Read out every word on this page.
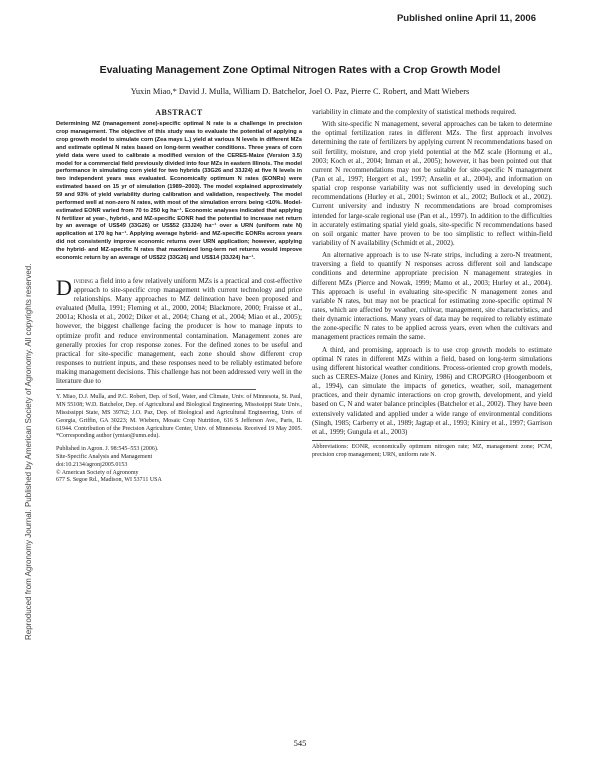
Published online April 11, 2006
Reproduced from Agronomy Journal. Published by American Society of Agronomy. All copyrights reserved.
Evaluating Management Zone Optimal Nitrogen Rates with a Crop Growth Model
Yuxin Miao,* David J. Mulla, William D. Batchelor, Joel O. Paz, Pierre C. Robert, and Matt Wiebers
ABSTRACT
Determining MZ (management zone)-specific optimal N rate is a challenge in precision crop management. The objective of this study was to evaluate the potential of applying a crop growth model to simulate corn (Zea mays L.) yield at various N levels in different MZs and estimate optimal N rates based on long-term weather conditions. Three years of corn yield data were used to calibrate a modified version of the CERES-Maize (Version 3.5) model for a commercial field previously divided into four MZs in eastern Illinois. The model performance in simulating corn yield for two hybrids (33G26 and 33J24) at five N levels in two independent years was evaluated. Economically optimum N rates (EONRs) were estimated based on 15 yr of simulation (1989–2003). The model explained approximately 59 and 93% of yield variability during calibration and validation, respectively. The model performed well at non-zero N rates, with most of the simulation errors being <10%. Model-estimated EONR varied from 70 to 250 kg ha⁻¹. Economic analyses indicated that applying N fertilizer at year-, hybrid-, and MZ-specific EONR had the potential to increase net return by an average of US$49 (33G26) or US$52 (33J24) ha⁻¹ over a URN (uniform rate N) application at 170 kg ha⁻¹. Applying average hybrid- and MZ-specific EONRs across years did not consistently improve economic returns over URN application; however, applying the hybrid- and MZ-specific N rates that maximized long-term net returns would improve economic return by an average of US$22 (33G26) and US$14 (33J24) ha⁻¹.

Dividing a field into a few relatively uniform MZs is a practical and cost-effective approach to site-specific crop management with current technology and price relationships. Many approaches to MZ delineation have been proposed and evaluated (Mulla, 1991; Fleming et al., 2000, 2004; Blackmore, 2000; Fraisse et al., 2001a; Khosla et al., 2002; Diker et al., 2004; Chang et al., 2004; Miao et al., 2005); however, the biggest challenge facing the producer is how to manage inputs to optimize profit and reduce environmental contamination. Management zones are generally proxies for crop response zones. For the defined zones to be useful and practical for site-specific management, each zone should show different crop responses to nutrient inputs, and these responses need to be reliably estimated before making management decisions. This challenge has not been addressed very well in the literature due to

Y. Miao, D.J. Mulla, and P.C. Robert, Dep. of Soil, Water, and Climate, Univ. of Minnesota, St. Paul, MN 55108; W.D. Batchelor, Dep. of Agricultural and Biological Engineering, Mississippi State Univ., Mississippi State, MS 39762; J.O. Paz, Dep. of Biological and Agricultural Engineering, Univ. of Georgia, Griffin, GA 30223; M. Wiebers, Mosaic Crop Nutrition, 616 S Jefferson Ave., Paris, IL 61944. Contribution of the Precision Agriculture Center, Univ. of Minnesota. Received 19 May 2005. *Corresponding author (ymiao@umn.edu).
Published in Agron. J. 98:545–553 (2006).
Site-Specific Analysis and Management
doi:10.2134/agronj2005.0153
© American Society of Agronomy
677 S. Segoe Rd., Madison, WI 53711 USA

variability in climate and the complexity of statistical methods required.

With site-specific N management, several approaches can be taken to determine the optimal fertilization rates in different MZs. The first approach involves determining the rate of fertilizers by applying current N recommendations based on soil fertility, moisture, and crop yield potential at the MZ scale (Hornung et al., 2003; Koch et al., 2004; Inman et al., 2005); however, it has been pointed out that current N recommendations may not be suitable for site-specific N management (Pan et al., 1997; Hergert et al., 1997; Anselin et al., 2004), and information on spatial crop response variability was not sufficiently used in developing such recommendations (Hurley et al., 2001; Swinton et al., 2002; Bullock et al., 2002). Current university and industry N recommendations are broad compromises intended for large-scale regional use (Pan et al., 1997). In addition to the difficulties in accurately estimating spatial yield goals, site-specific N recommendations based on soil organic matter have proven to be too simplistic to reflect within-field variability of N availability (Schmidt et al., 2002).

An alternative approach is to use N-rate strips, including a zero-N treatment, traversing a field to quantify N responses across different soil and landscape conditions and determine appropriate precision N management strategies in different MZs (Pierce and Nowak, 1999; Mamo et al., 2003; Hurley et al., 2004). This approach is useful in evaluating site-specific N management zones and variable N rates, but may not be practical for estimating zone-specific optimal N rates, which are affected by weather, cultivar, management, site characteristics, and their dynamic interactions. Many years of data may be required to reliably estimate the zone-specific N rates to be applied across years, even when the cultivars and management practices remain the same.

A third, and promising, approach is to use crop growth models to estimate optimal N rates in different MZs within a field, based on long-term simulations using different historical weather conditions. Process-oriented crop growth models, such as CERES-Maize (Jones and Kiniry, 1986) and CROPGRO (Hoogenboom et al., 1994), can simulate the impacts of genetics, weather, soil, management practices, and their dynamic interactions on crop growth, development, and yield based on C, N and water balance principles (Batchelor et al., 2002). They have been extensively validated and applied under a wide range of environmental conditions (Singh, 1985; Carberry et al., 1989; Jagtap et al., 1993; Kiniry et al., 1997; Garrison et al., 1999; Gungula et al., 2003)

Abbreviations: EONR, economically optimum nitrogen rate; MZ, management zone; PCM, precision crop management; URN, uniform rate N.
545
